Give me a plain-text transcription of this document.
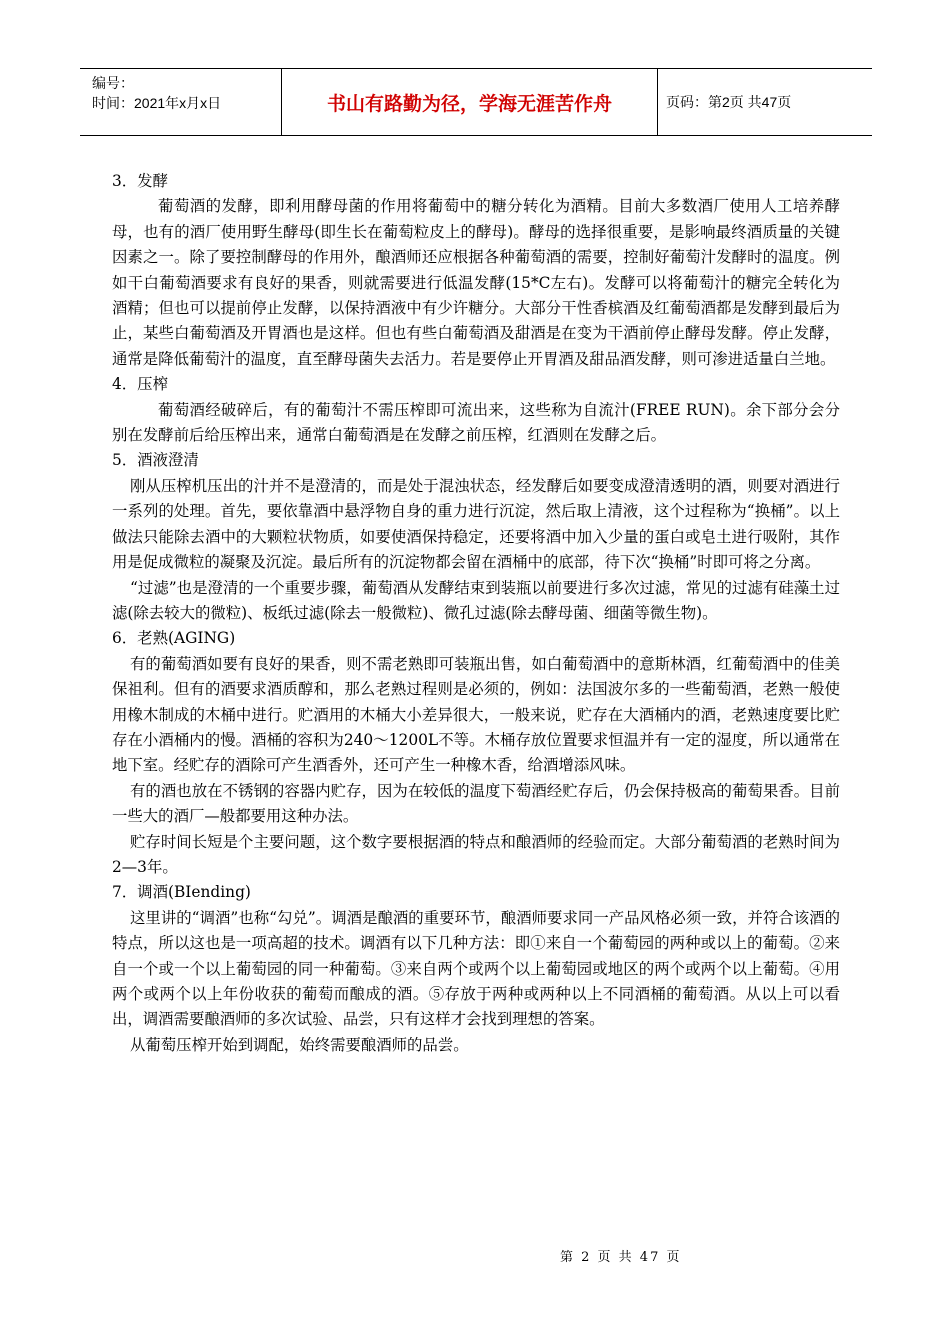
编号：
时间：2021年x月x日	书山有路勤为径，学海无涯苦作舟	页码：第2页 共47页

3．发酵

葡萄酒的发酵，即利用酵母菌的作用将葡萄中的糖分转化为酒精。目前大多数酒厂使用人工培养酵母，也有的酒厂使用野生酵母(即生长在葡萄粒皮上的酵母)。酵母的选择很重要，是影响最终酒质量的关键因素之一。除了要控制酵母的作用外，酿酒师还应根据各种葡萄酒的需要，控制好葡萄汁发酵时的温度。例如干白葡萄酒要求有良好的果香，则就需要进行低温发酵(15*C左右)。发酵可以将葡萄汁的糖完全转化为酒精；但也可以提前停止发酵，以保持酒液中有少许糖分。大部分干性香槟酒及红葡萄酒都是发酵到最后为止，某些白葡萄酒及开胃酒也是这样。但也有些白葡萄酒及甜酒是在变为干酒前停止酵母发酵。停止发酵，通常是降低葡萄汁的温度，直至酵母菌失去活力。若是要停止开胃酒及甜品酒发酵，则可渗进适量白兰地。

4．压榨

葡萄酒经破碎后，有的葡萄汁不需压榨即可流出来，这些称为自流汁(FREE RUN)。余下部分会分别在发酵前后给压榨出来，通常白葡萄酒是在发酵之前压榨，红酒则在发酵之后。

5．酒液澄清

刚从压榨机压出的汁并不是澄清的，而是处于混浊状态，经发酵后如要变成澄清透明的酒，则要对酒进行一系列的处理。首先，要依靠酒中悬浮物自身的重力进行沉淀，然后取上清液，这个过程称为“换桶”。以上做法只能除去酒中的大颗粒状物质，如要使酒保持稳定，还要将酒中加入少量的蛋白或皂土进行吸附，其作用是促成微粒的凝聚及沉淀。最后所有的沉淀物都会留在酒桶中的底部，待下次“换桶”时即可将之分离。

“过滤”也是澄清的一个重要步骤，葡萄酒从发酵结束到装瓶以前要进行多次过滤，常见的过滤有硅藻土过滤(除去较大的微粒)、板纸过滤(除去一般微粒)、微孔过滤(除去酵母菌、细菌等微生物)。

6．老熟(AGING)

有的葡萄酒如要有良好的果香，则不需老熟即可装瓶出售，如白葡萄酒中的意斯林酒，红葡萄酒中的佳美保祖利。但有的酒要求酒质醇和，那么老熟过程则是必须的，例如：法国波尔多的一些葡萄酒，老熟一般使用橡木制成的木桶中进行。贮酒用的木桶大小差异很大，一般来说，贮存在大酒桶内的酒，老熟速度要比贮存在小酒桶内的慢。酒桶的容积为240～1200L不等。木桶存放位置要求恒温并有一定的湿度，所以通常在地下室。经贮存的酒除可产生酒香外，还可产生一种橡木香，给酒增添风味。

有的酒也放在不锈钢的容器内贮存，因为在较低的温度下萄酒经贮存后，仍会保持极高的葡萄果香。目前一些大的酒厂—般都要用这种办法。

贮存时间长短是个主要问题，这个数字要根据酒的特点和酿酒师的经验而定。大部分葡萄酒的老熟时间为2—3年。

7．调酒(BIending)

这里讲的“调酒”也称“勾兑”。调酒是酿酒的重要环节，酿酒师要求同一产品风格必须一致，并符合该酒的特点，所以这也是一项高超的技术。调酒有以下几种方法：即①来自一个葡萄园的两种或以上的葡萄。②来自一个或一个以上葡萄园的同一种葡萄。③来自两个或两个以上葡萄园或地区的两个或两个以上葡萄。④用两个或两个以上年份收获的葡萄而酿成的酒。⑤存放于两种或两种以上不同酒桶的葡萄酒。从以上可以看出，调酒需要酿酒师的多次试验、品尝，只有这样才会找到理想的答案。

从葡萄压榨开始到调配，始终需要酿酒师的品尝。

第 2 页 共 47 页
